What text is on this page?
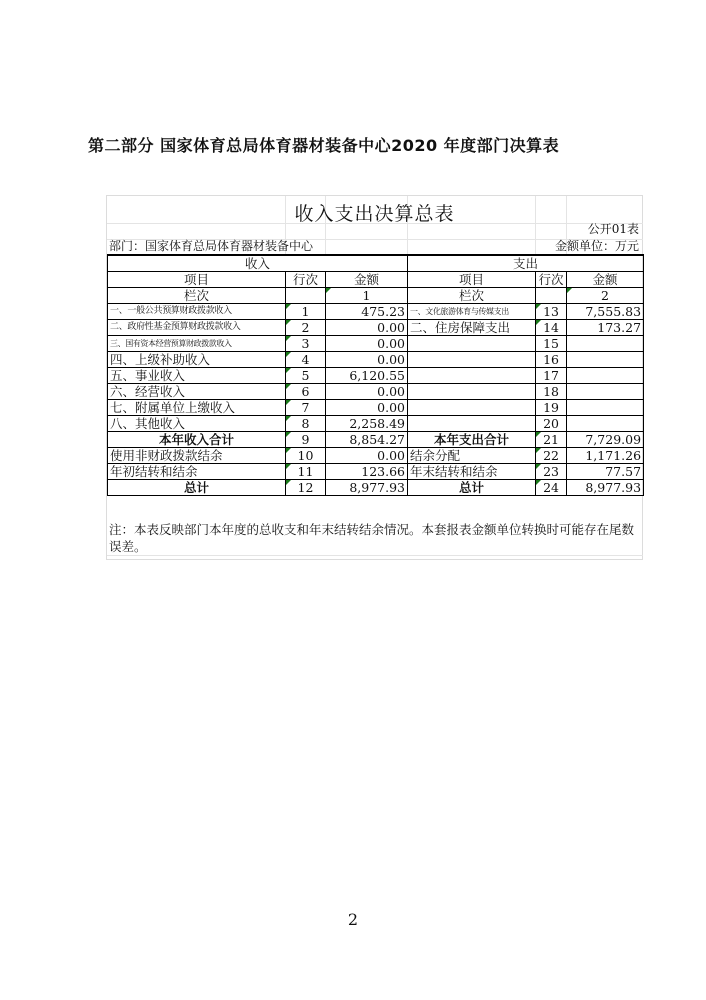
第二部分 国家体育总局体育器材装备中心2020 年度部门决算表
收入支出决算总表
公开01表
部门：国家体育总局体育器材装备中心	金额单位：万元
收入			支出		
项目	行次	金额	项目	行次	金额
栏次		1	栏次		2
一、一般公共预算财政拨款收入	1	475.23	一、文化旅游体育与传媒支出	13	7,555.83
二、政府性基金预算财政拨款收入	2	0.00	二、住房保障支出	14	173.27
三、国有资本经营预算财政拨款收入	3	0.00		15	
四、上级补助收入	4	0.00		16	
五、事业收入	5	6,120.55		17	
六、经营收入	6	0.00		18	
七、附属单位上缴收入	7	0.00		19	
八、其他收入	8	2,258.49		20	
本年收入合计	9	8,854.27	本年支出合计	21	7,729.09
使用非财政拨款结余	10	0.00	结余分配	22	1,171.26
年初结转和结余	11	123.66	年末结转和结余	23	77.57
总计	12	8,977.93	总计	24	8,977.93
注：本表反映部门本年度的总收支和年末结转结余情况。本套报表金额单位转换时可能存在尾数误差。
2
